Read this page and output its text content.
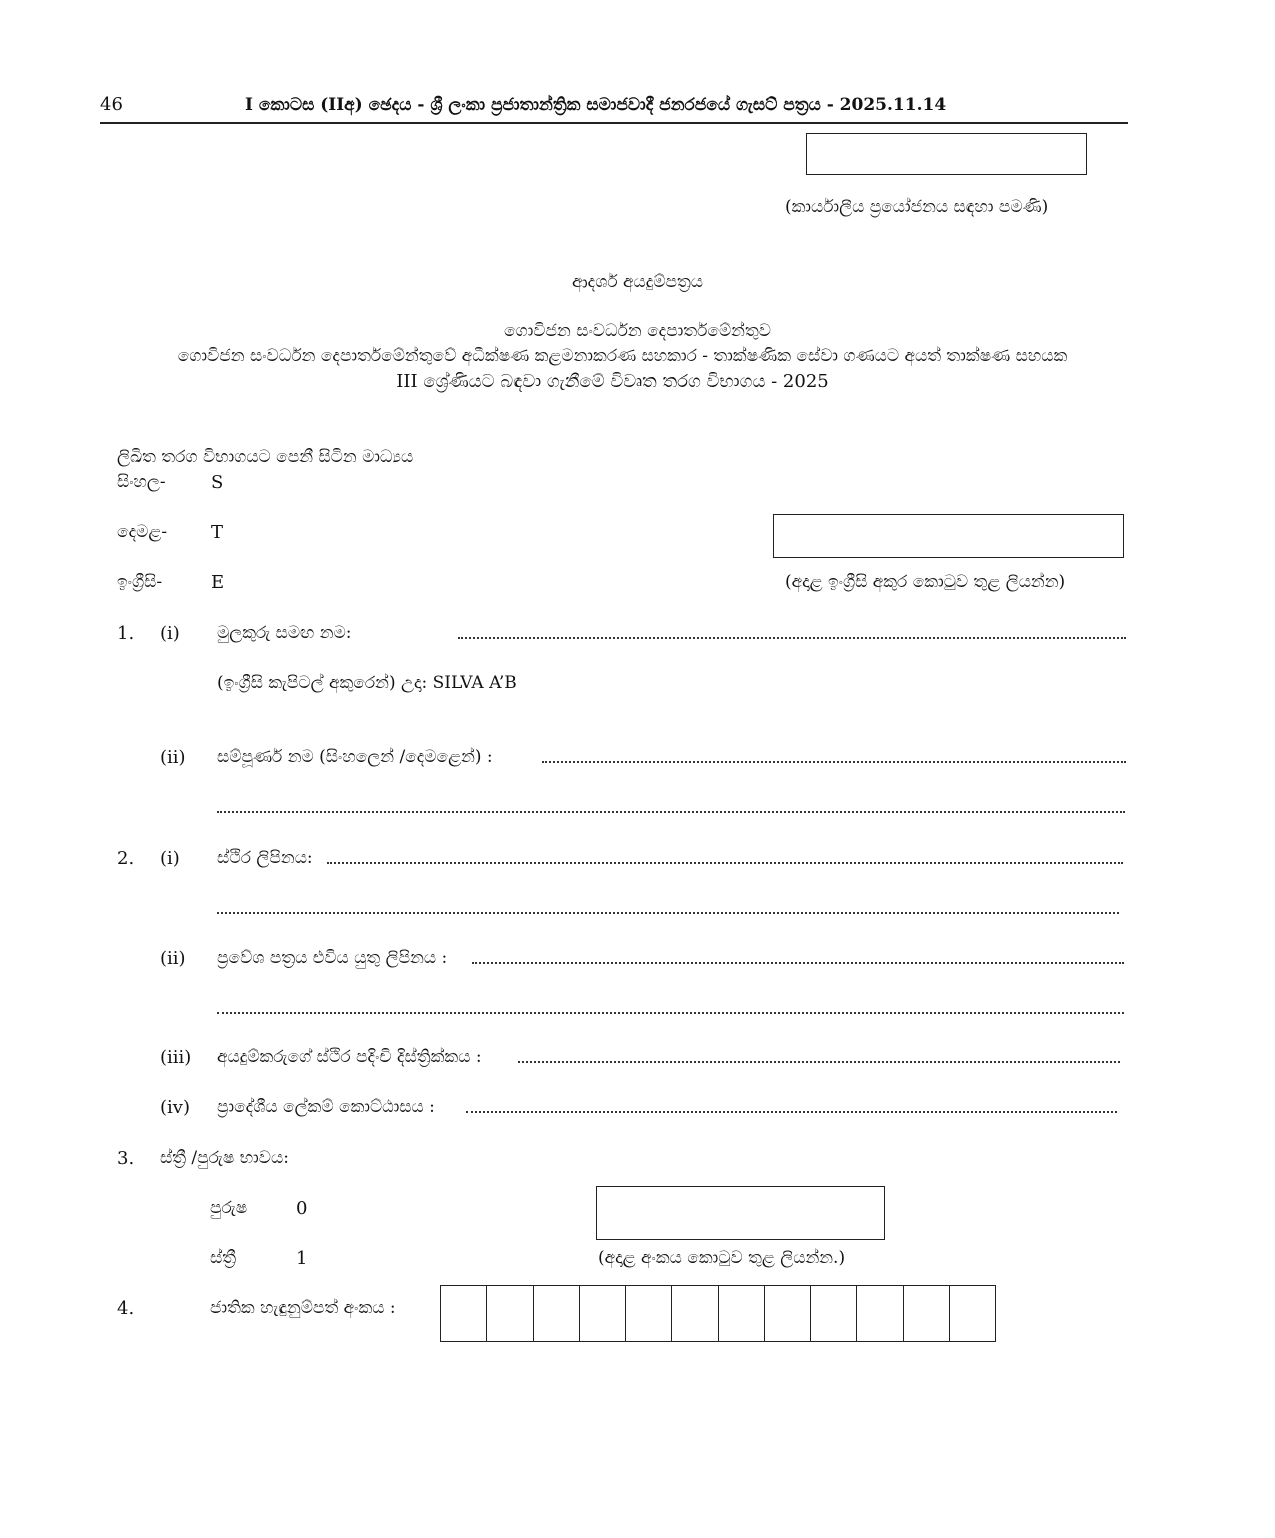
46	I කොටස (IIඅ) ඡෙදය - ශ්‍රී ලංකා ප්‍රජාතාන්ත්‍රික සමාජවාදී ජනරජයේ ගැසට් පත්‍රය - 2025.11.14
(කාර්යාලීය ප්‍රයෝජනය සඳහා පමණි)
ආදර්ශ අයදුම්පත්‍රය
ගොවිජන සංවර්ධන දෙපාර්තමේන්තුව
ගොවිජන සංවර්ධන දෙපාර්තමේන්තුවේ අධීක්ෂණ කළමනාකරණ සහකාර - තාක්ෂණික සේවා ගණයට අයත් තාක්ෂණ සහයක
III ශ්‍රේණියට බඳවා ගැනීමේ විවෘත තරග විභාගය - 2025
ලිඛිත තරග විභාගයට පෙනී සිටින මාධ්‍යය
සිංහල-	S
දෙමළ- T
ඉංග්‍රීසි-	E	(අදාළ ඉංග්‍රීසි අකුර කොටුව තුළ ලියන්න)
1. (i) මුලකුරු සමඟ නම:
(ඉංග්‍රීසි කැපිටල් අකුරෙන්) උදා: SILVA A’B
(ii) සම්පූර්ණ නම (සිංහලෙන් /දෙමළෙන්) :
2. (i) ස්ථිර ලිපිනය:
(ii) ප්‍රවේශ පත්‍රය එවිය යුතු ලිපිනය :
(iii) අයදුම්කරුගේ ස්ථිර පදිංචි දිස්ත්‍රික්කය :
(iv) ප්‍රාදේශීය ලේකම් කොට්ඨාසය :
3. ස්ත්‍රී /පුරුෂ භාවය:
පුරුෂ	0
ස්ත්‍රී	1	(අදාළ අංකය කොටුව තුළ ලියන්න.)
4.	ජාතික හැඳුනුම්පත් අංකය :
